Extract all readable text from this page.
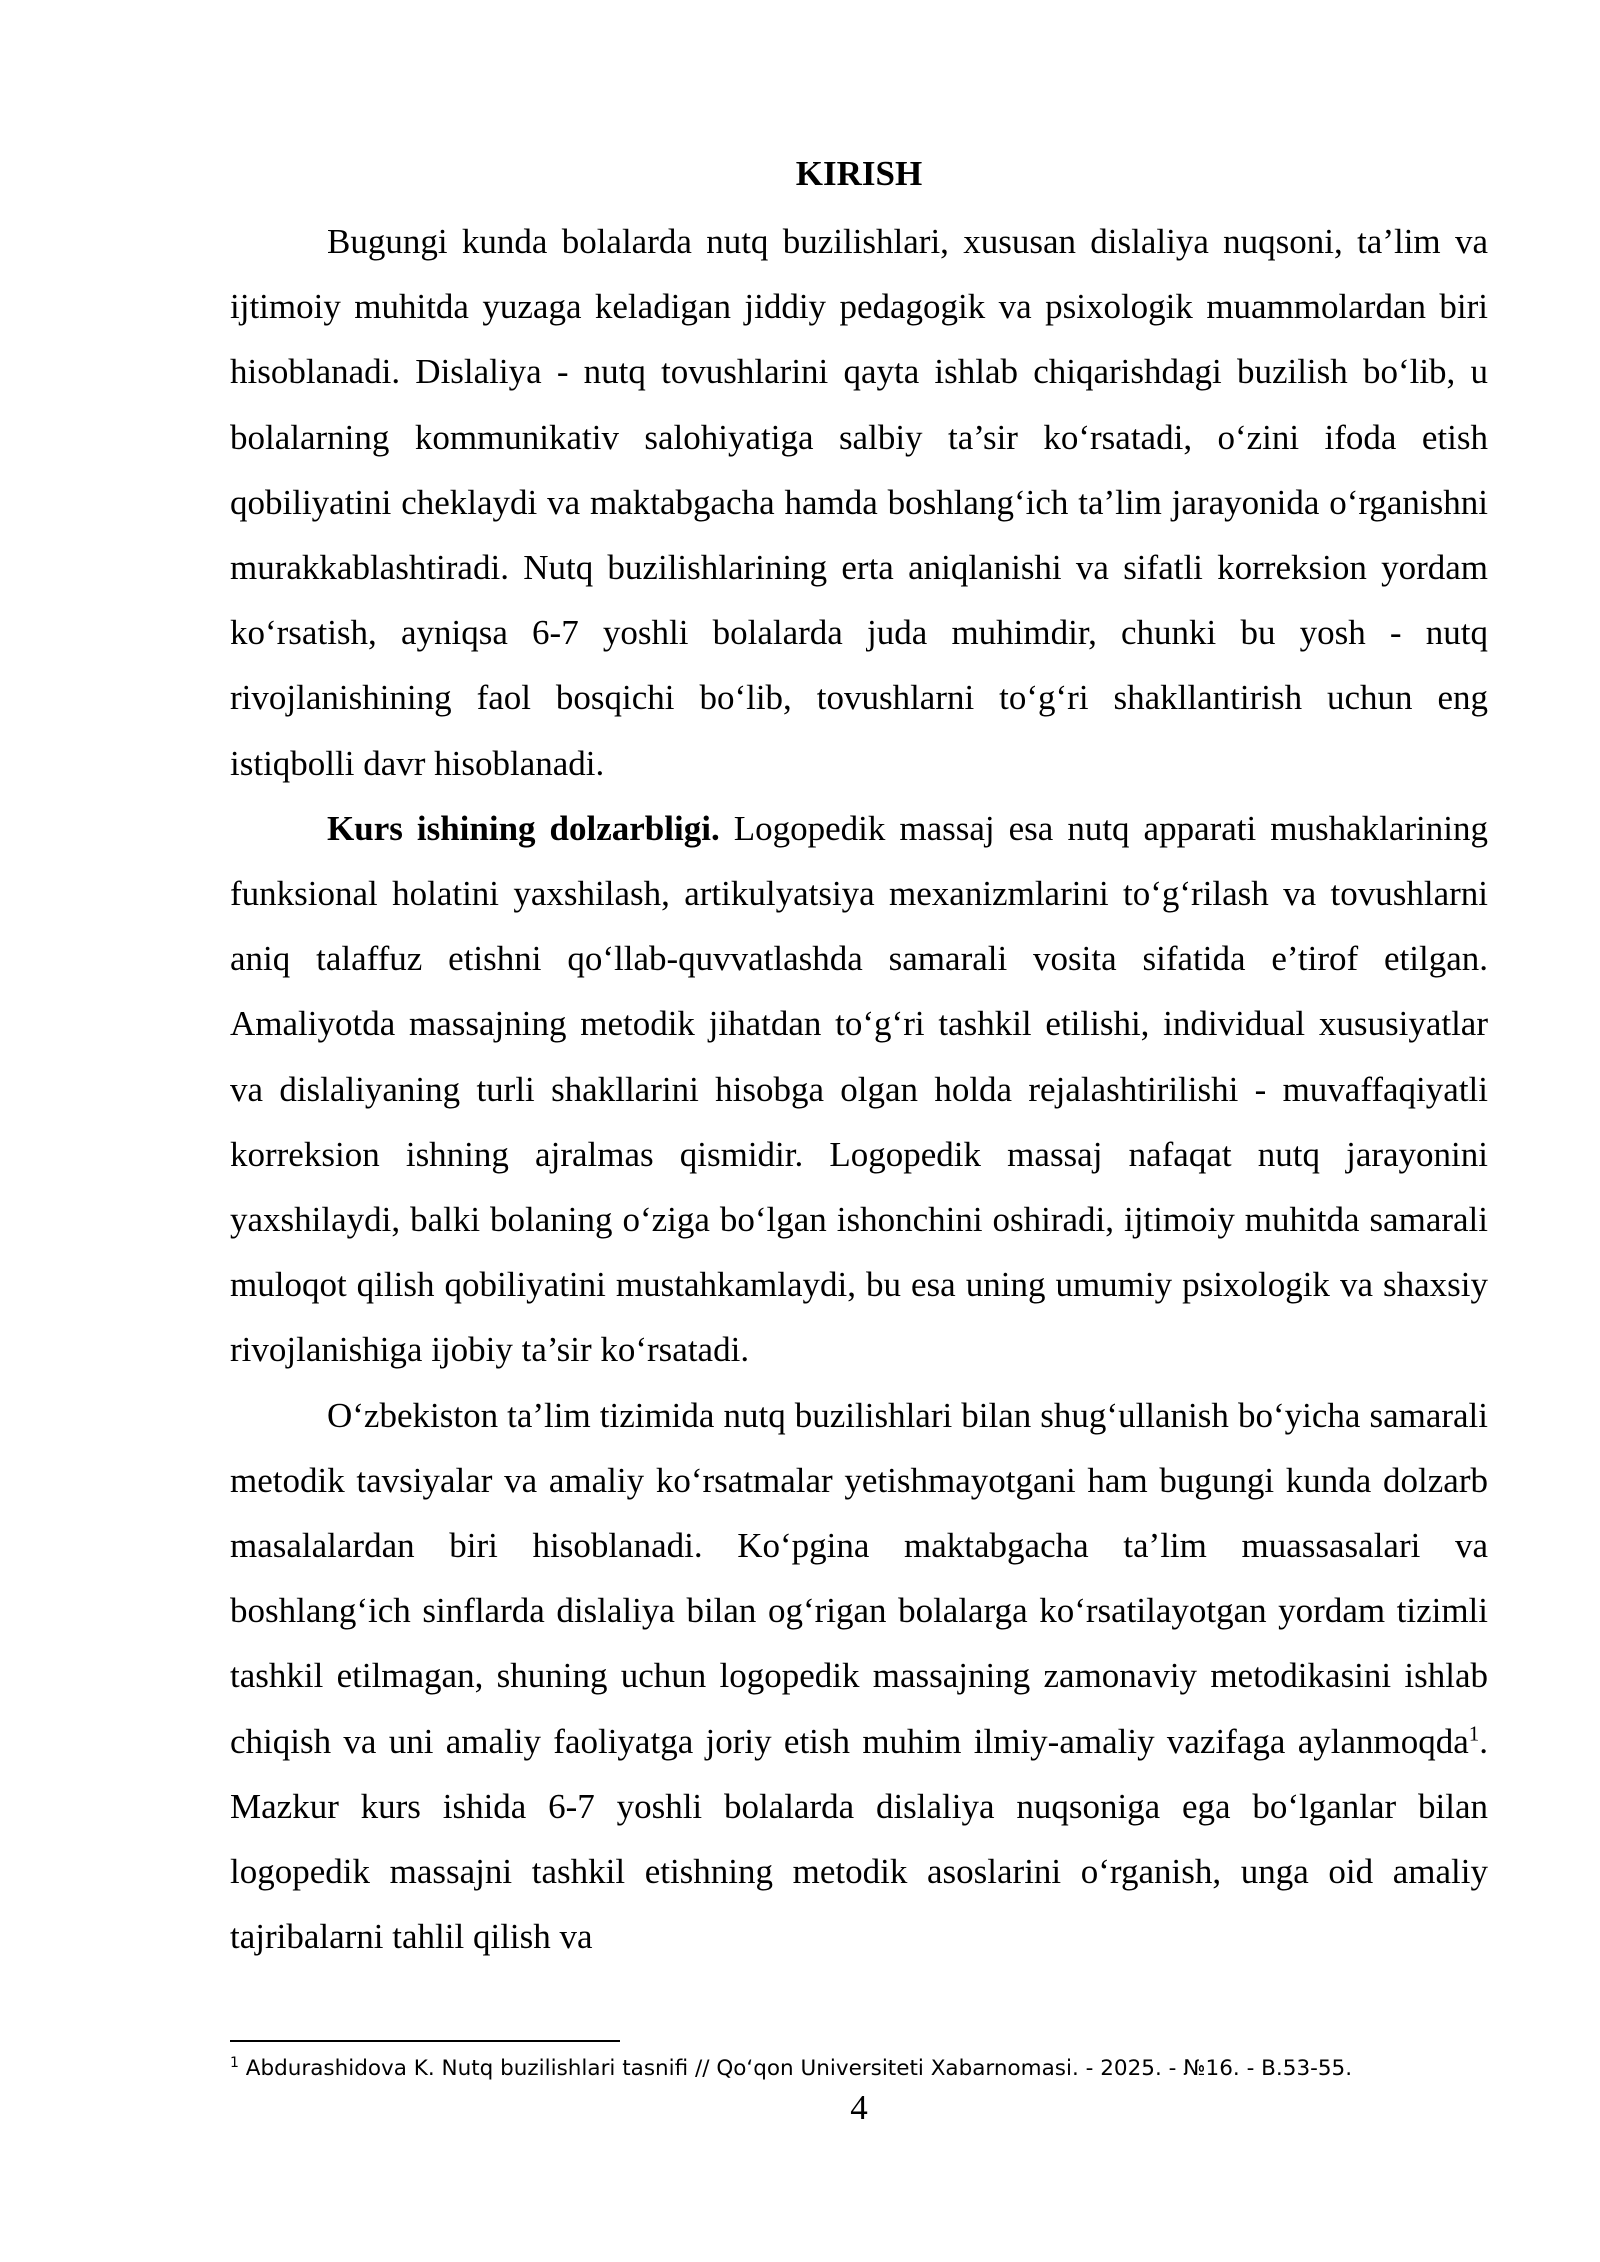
KIRISH

Bugungi kunda bolalarda nutq buzilishlari, xususan dislaliya nuqsoni, ta’lim va ijtimoiy muhitda yuzaga keladigan jiddiy pedagogik va psixologik muammolardan biri hisoblanadi. Dislaliya - nutq tovushlarini qayta ishlab chiqarishdagi buzilish bo‘lib, u bolalarning kommunikativ salohiyatiga salbiy ta’sir ko‘rsatadi, o‘zini ifoda etish qobiliyatini cheklaydi va maktabgacha hamda boshlang‘ich ta’lim jarayonida o‘rganishni murakkablashtiradi. Nutq buzilishlarining erta aniqlanishi va sifatli korreksion yordam ko‘rsatish, ayniqsa 6-7 yoshli bolalarda juda muhimdir, chunki bu yosh - nutq rivojlanishining faol bosqichi bo‘lib, tovushlarni to‘g‘ri shakllantirish uchun eng istiqbolli davr hisoblanadi.

Kurs ishining dolzarbligi. Logopedik massaj esa nutq apparati mushaklarining funksional holatini yaxshilash, artikulyatsiya mexanizmlarini to‘g‘rilash va tovushlarni aniq talaffuz etishni qo‘llab-quvvatlashda samarali vosita sifatida e’tirof etilgan. Amaliyotda massajning metodik jihatdan to‘g‘ri tashkil etilishi, individual xususiyatlar va dislaliyaning turli shakllarini hisobga olgan holda rejalashtirilishi - muvaffaqiyatli korreksion ishning ajralmas qismidir. Logopedik massaj nafaqat nutq jarayonini yaxshilaydi, balki bolaning o‘ziga bo‘lgan ishonchini oshiradi, ijtimoiy muhitda samarali muloqot qilish qobiliyatini mustahkamlaydi, bu esa uning umumiy psixologik va shaxsiy rivojlanishiga ijobiy ta’sir ko‘rsatadi.

O‘zbekiston ta’lim tizimida nutq buzilishlari bilan shug‘ullanish bo‘yicha samarali metodik tavsiyalar va amaliy ko‘rsatmalar yetishmayotgani ham bugungi kunda dolzarb masalalardan biri hisoblanadi. Ko‘pgina maktabgacha ta’lim muassasalari va boshlang‘ich sinflarda dislaliya bilan og‘rigan bolalarga ko‘rsatilayotgan yordam tizimli tashkil etilmagan, shuning uchun logopedik massajning zamonaviy metodikasini ishlab chiqish va uni amaliy faoliyatga joriy etish muhim ilmiy-amaliy vazifaga aylanmoqda$^1$. Mazkur kurs ishida 6-7 yoshli bolalarda dislaliya nuqsoniga ega bo‘lganlar bilan logopedik massajni tashkil etishning metodik asoslarini o‘rganish, unga oid amaliy tajribalarni tahlil qilish va

$^1$ Abdurashidova K. Nutq buzilishlari tasnifi // Qo‘qon Universiteti Xabarnomasi. - 2025. - №16. - B.53-55.
4
